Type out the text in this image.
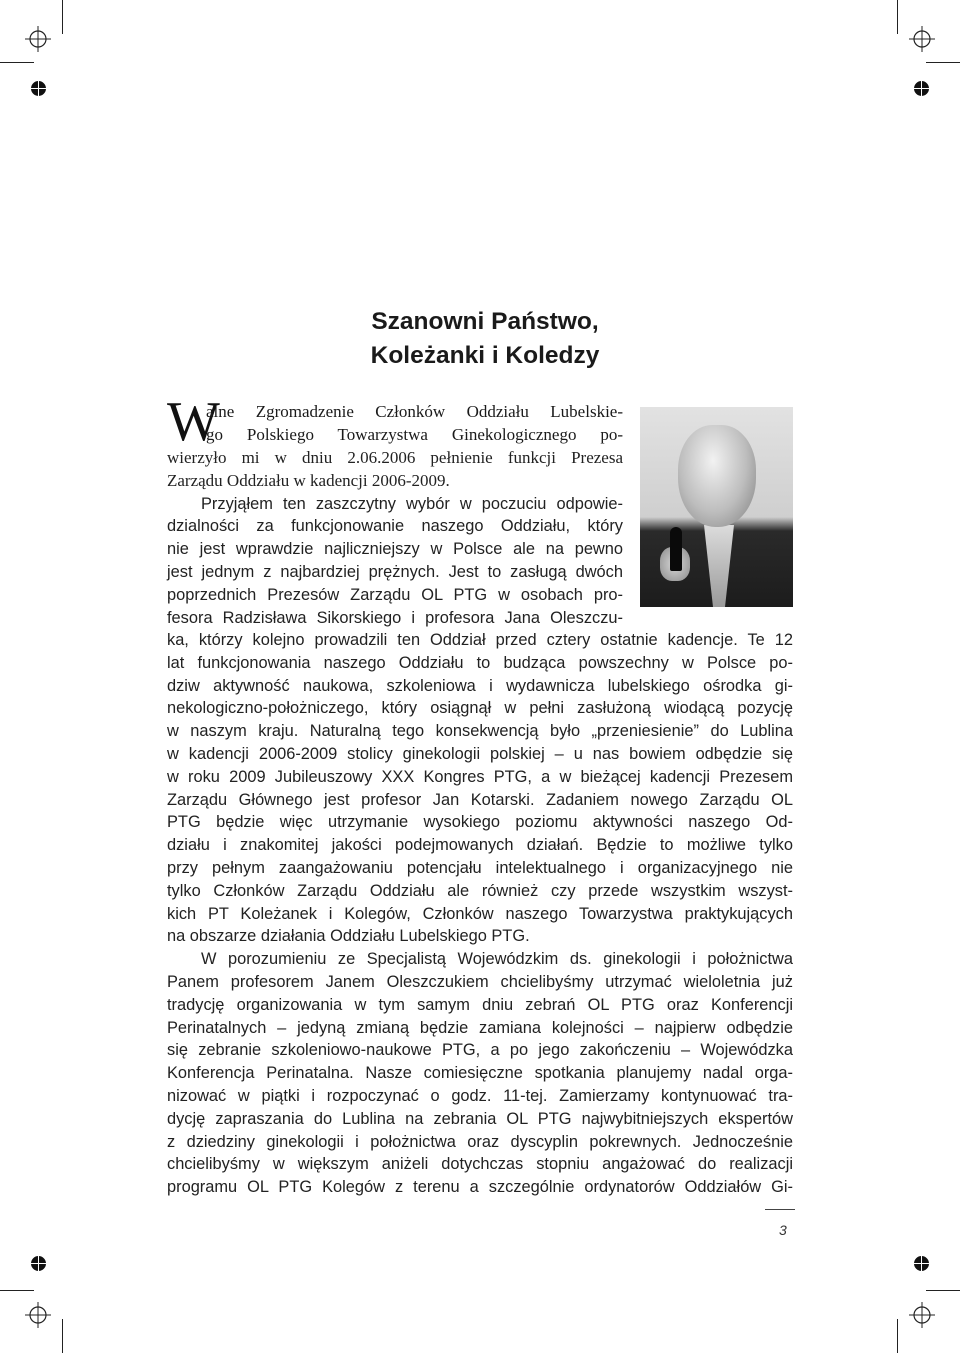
Szanowni Państwo,
Koleżanki i Koledzy
W
alne Zgromadzenie Członków Oddziału Lubelskie-
go Polskiego Towarzystwa Ginekologicznego po-
wierzyło mi w dniu 2.06.2006 pełnienie funkcji Prezesa
Zarządu Oddziału w kadencji 2006-2009.
Przyjąłem ten zaszczytny wybór w poczuciu odpowie-
dzialności za funkcjonowanie naszego Oddziału, który
nie jest wprawdzie najliczniejszy w Polsce ale na pewno
jest jednym z najbardziej prężnych. Jest to zasługą dwóch
poprzednich Prezesów Zarządu OL PTG w osobach pro-
fesora Radzisława Sikorskiego i profesora Jana Oleszczu-
ka, którzy kolejno prowadzili ten Oddział przed cztery ostatnie kadencje. Te 12
lat funkcjonowania naszego Oddziału to budząca powszechny w Polsce po-
dziw aktywność naukowa, szkoleniowa i wydawnicza lubelskiego ośrodka gi-
nekologiczno-położniczego, który osiągnął w pełni zasłużoną wiodącą pozycję
w naszym kraju. Naturalną tego konsekwencją było „przeniesienie” do Lublina
w kadencji 2006-2009 stolicy ginekologii polskiej – u nas bowiem odbędzie się
w roku 2009 Jubileuszowy XXX Kongres PTG, a w bieżącej kadencji Prezesem
Zarządu Głównego jest profesor Jan Kotarski. Zadaniem nowego Zarządu OL
PTG będzie więc utrzymanie wysokiego poziomu aktywności naszego Od-
działu i znakomitej jakości podejmowanych działań. Będzie to możliwe tylko
przy pełnym zaangażowaniu potencjału intelektualnego i organizacyjnego nie
tylko Członków Zarządu Oddziału ale również czy przede wszystkim wszyst-
kich PT Koleżanek i Kolegów, Członków naszego Towarzystwa praktykujących
na obszarze działania Oddziału Lubelskiego PTG.
W porozumieniu ze Specjalistą Wojewódzkim ds. ginekologii i położnictwa
Panem profesorem Janem Oleszczukiem chcielibyśmy utrzymać wieloletnia już
tradycję organizowania w tym samym dniu zebrań OL PTG oraz Konferencji
Perinatalnych – jedyną zmianą będzie zamiana kolejności – najpierw odbędzie
się zebranie szkoleniowo-naukowe PTG, a po jego zakończeniu – Wojewódzka
Konferencja Perinatalna. Nasze comiesięczne spotkania planujemy nadal orga-
nizować w piątki i rozpoczynać o godz. 11-tej. Zamierzamy kontynuować tra-
dycję zapraszania do Lublina na zebrania OL PTG najwybitniejszych ekspertów
z dziedziny ginekologii i położnictwa oraz dyscyplin pokrewnych. Jednocześnie
chcielibyśmy w większym aniżeli dotychczas stopniu angażować do realizacji
programu OL PTG Kolegów z terenu a szczególnie ordynatorów Oddziałów Gi-
3
